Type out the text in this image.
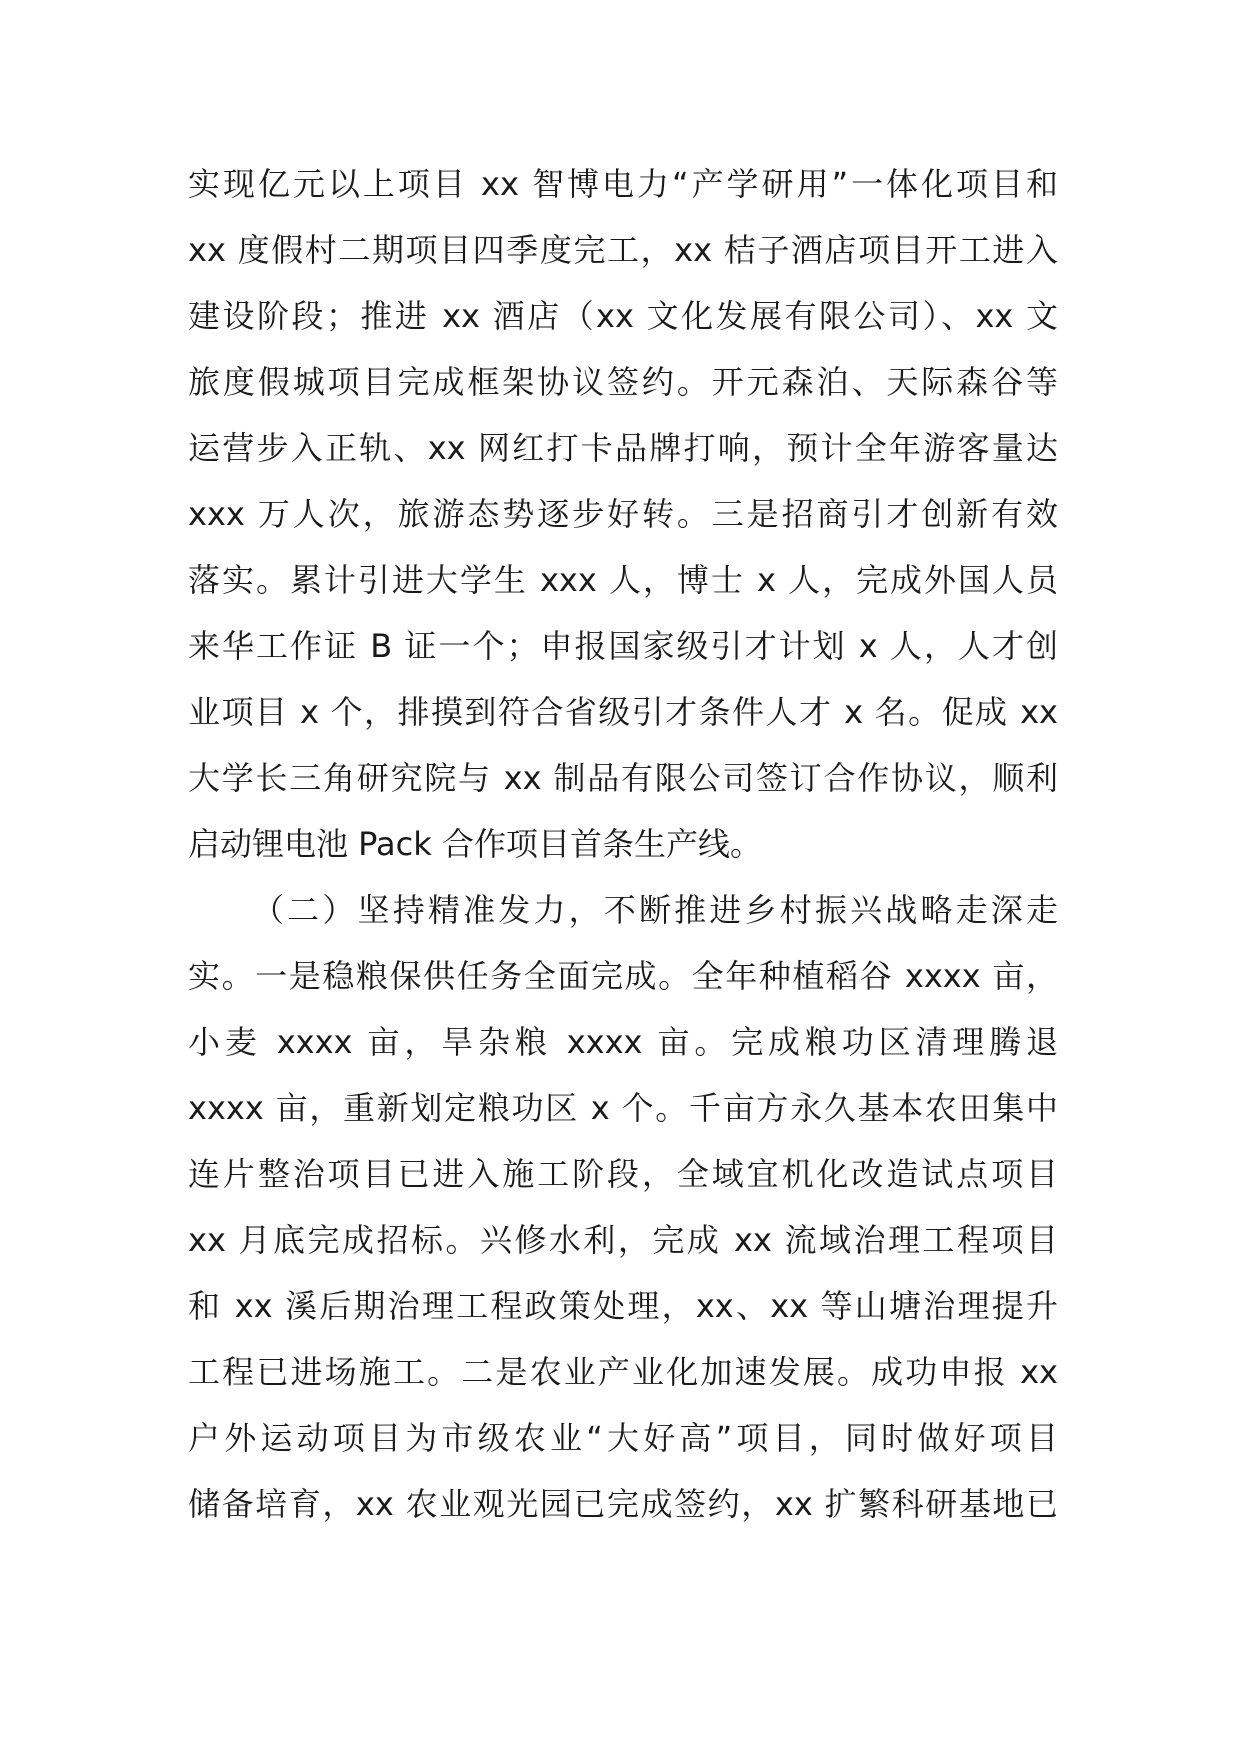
实现亿元以上项目 xx 智博电力“产学研用”一体化项目和
xx 度假村二期项目四季度完工，xx 桔子酒店项目开工进入
建设阶段；推进 xx 酒店（xx 文化发展有限公司）、xx 文
旅度假城项目完成框架协议签约。开元森泊、天际森谷等
运营步入正轨、xx 网红打卡品牌打响，预计全年游客量达
xxx 万人次，旅游态势逐步好转。三是招商引才创新有效
落实。累计引进大学生 xxx 人，博士 x 人，完成外国人员
来华工作证 B 证一个；申报国家级引才计划 x 人，人才创
业项目 x 个，排摸到符合省级引才条件人才 x 名。促成 xx
大学长三角研究院与 xx 制品有限公司签订合作协议，顺利
启动锂电池 Pack 合作项目首条生产线。
（二）坚持精准发力，不断推进乡村振兴战略走深走
实。一是稳粮保供任务全面完成。全年种植稻谷 xxxx 亩，
小麦 xxxx 亩，旱杂粮 xxxx 亩。完成粮功区清理腾退
xxxx 亩，重新划定粮功区 x 个。千亩方永久基本农田集中
连片整治项目已进入施工阶段，全域宜机化改造试点项目
xx 月底完成招标。兴修水利，完成 xx 流域治理工程项目
和 xx 溪后期治理工程政策处理，xx、xx 等山塘治理提升
工程已进场施工。二是农业产业化加速发展。成功申报 xx
户外运动项目为市级农业“大好高”项目，同时做好项目
储备培育，xx 农业观光园已完成签约，xx 扩繁科研基地已
